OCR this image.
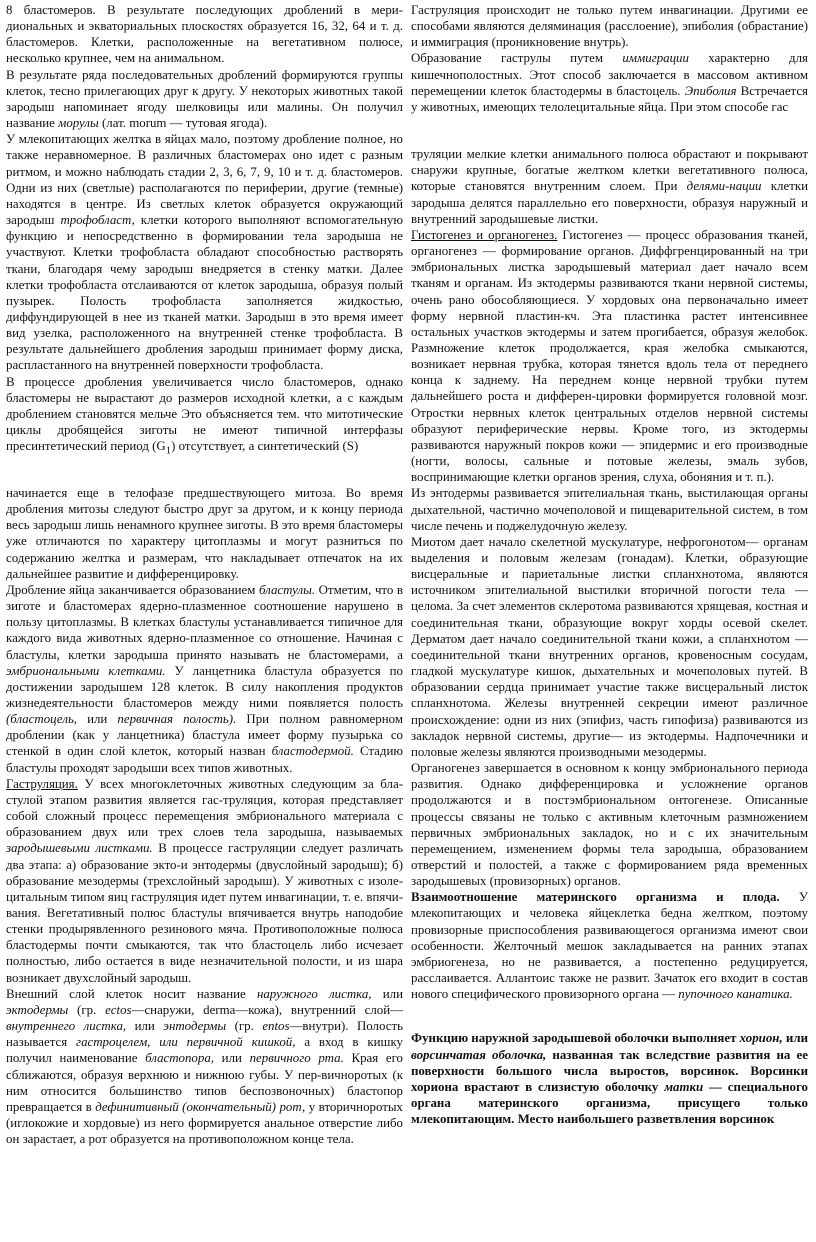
8 бластомеров. В результате последующих дроблений в меридиональных и экваториальных плоскостях образуется 16, 32, 64 и т. д. бластомеров. Клетки, расположенные на вегетативном полюсе, несколько крупнее, чем на анимальном.

В результате ряда последовательных дроблений формируются группы клеток, тесно прилегающих друг к другу. У некоторых животных такой зародыш напоминает ягоду шелковицы или малины. Он получил название морулы (лат. morum — тутовая ягода).

У млекопитающих желтка в яйцах мало, поэтому дробление полное, но также неравномерное. В различных бластомерах оно идет с разным ритмом, и можно наблюдать стадии 2, 3, 6, 7, 9, 10 и т. д. бластомеров. Одни из них (светлые) располагаются по периферии, другие (темные) находятся в центре. Из светлых клеток образуется окружающий зародыш трофобласт, клетки которого выполняют вспомогательную функцию и непосредственно в формировании тела зародыша не участвуют. Клетки трофобласта обладают способностью растворять ткани, благодаря чему зародыш внедряется в стенку матки. Далее клетки трофобласта отслаиваются от клеток зародыша, образуя полый пузырек. Полость трофобласта заполняется жидкостью, диффундирующей в нее из тканей матки. Зародыш в это время имеет вид узелка, расположенного на внутренней стенке трофобласта. В результате дальнейшего дробления зародыш принимает форму диска, распластанного на внутренней поверхности трофобласта.

В процессе дробления увеличивается число бластомеров, однако бластомеры не вырастают до размеров исходной клетки, а с каждым дроблением становятся мельче Это объясняется тем. что митотические циклы дробящейся зиготы не имеют типичной интерфазы пресинтетический период $(G_1)$ отсутствует, а синтетический (S)

начинается еще в телофазе предшествующего митоза. Во время дробления митозы следуют быстро друг за другом, и к концу периода весь зародыш лишь ненамного крупнее зиготы. В это время бластомеры уже отличаются по характеру цитоплазмы и могут разниться по содержанию желтка и размерам, что накладывает отпечаток на их дальнейшее развитие и дифференцировку.

Дробление яйца заканчивается образованием бластулы. Отметим, что в зиготе и бластомерах ядерно-плазменное соотношение нарушено в пользу цитоплазмы. В клетках бластулы устанавливается типичное для каждого вида животных ядерно-плазменное со отношение. Начиная с бластулы, клетки зародыша принято называть не бластомерами, а эмбриональными клетками. У ланцетника бластула образуется по достижении зародышем 128 клеток. В силу накопления продуктов жизнедеятельности бластомеров между ними появляется полость (бластоцель, или первичная полость). При полном равномерном дроблении (как у ланцетника) бластула имеет форму пузырька со стенкой в один слой клеток, который назван бластодермой. Стадию бластулы проходят зародыши всех типов животных.

Гаструляция. У всех многоклеточных животных следующим за бластулой этапом развития является гас-труляция, которая представляет собой сложный процесс перемещения эмбрионального материала с образованием двух или трех слоев тела зародыша, называемых зародышевыми листками. В процессе гаструляции следует различать два этапа: а) образование экто-и энтодермы (двуслойный зародыш); б) образование мезодермы (трехслойный зародыш). У животных с изоле-цитальным типом яиц гаструляция идет путем инвагинации, т. е. впячи-вания. Вегетативный полюс бластулы впячивается внутрь наподобие стенки продырявленного резинового мяча. Противоположные полюса бластодермы почти смыкаются, так что бластоцель либо исчезает полностью, либо остается в виде незначительной полости, и из шара возникает двухслойный зародыш.

Внешний слой клеток носит название наружного листка, или эктодермы (гр. ectos—снаружи, derma—кожа), внутренний слой— внутреннего листка, или энтодермы (гр. entos—внутри). Полость называется гастроцелем, или первичной кишкой, а вход в кишку получил наименование бластопора, или первичного рта. Края его сближаются, образуя верхнюю и нижнюю губы. У пер-вичноротых (к ним относится большинство типов беспозвоночных) бластопор превращается в дефинитивный (окончательный) рот, у вторичноротых (иглокожие и хордовые) из него формируется анальное отверстие либо он зарастает, а рот образуется на противоположном конце тела.

Гаструляция происходит не только путем инвагинации. Другими ее способами являются деляминация (расслоение), эпиболия (обрастание) и иммиграция (проникновение внутрь).

Образование гаструлы путем иммиграции характерно для кишечнополостных. Этот способ заключается в массовом активном перемещении клеток бластодермы в бластоцель. Эпиболия Встречается у животных, имеющих телолецитальные яйца. При этом способе гас

труляции мелкие клетки анимального полюса обрастают и покрывают снаружи крупные, богатые желтком клетки вегетативного полюса, которые становятся внутренним слоем. При делями-нации клетки зародыша делятся параллельно его поверхности, образуя наружный и внутренний зародышевые листки.

Гистогенез и органогенез. Гистогенез — процесс образования тканей, органогенез — формирование органов. Диффгренцированный на три эмбриональных листка зародышевый материал дает начало всем тканям и органам. Из эктодермы развиваются ткани нервной системы, очень рано обособляющиеся. У хордовых она первоначально имеет форму нервной пластин-кч. Эта пластинка растет интенсивнее остальных участков эктодермы и затем прогибается, образуя желобок. Размножение клеток продолжается, края желобка смыкаются, возникает нервная трубка, которая тянется вдоль тела от переднего конца к заднему. На переднем конце нервной трубки путем дальнейшего роста и дифферен-цировки формируется головной мозг. Отростки нервных клеток центральных отделов нервной системы образуют периферические нервы. Кроме того, из эктодермы развиваются наружный покров кожи — эпидермис и его производные (ногти, волосы, сальные и потовые железы, эмаль зубов, воспринимающие клетки органов зрения, слуха, обоняния и т. п.).

Из энтодермы развивается эпителиальная ткань, выстилающая органы дыхательной, частично мочеполовой и пищеварительной систем, в том числе печень и поджелудочную железу.

Миотом дает начало скелетной мускулатуре, нефрогонотом— органам выделения и половым железам (гонадам). Клетки, образующие висцеральные и париетальные листки спланхнотома, являются источником эпителиальной выстилки вторичной погости тела — целома. За счет элементов склеротома развиваются хрящевая, костная и соединительная ткани, образующие вокруг хорды осевой скелет. Дерматом дает начало соединительной ткани кожи, а спланхнотом — соединительной ткани внутренних органов, кровеносным сосудам, гладкой мускулатуре кишок, дыхательных и мочеполовых путей. В образовании сердца принимает участие также висцеральный листок спланхнотома. Железы внутренней секреции имеют различное происхождение: одни из них (эпифиз, часть гипофиза) развиваются из закладок нервной системы, другие— из эктодермы. Надпочечники и половые железы являются производными мезодермы.

Органогенез завершается в основном к концу эмбрионального периода развития. Однако дифференцировка и усложнение органов продолжаются и в постэмбриональном онтогенезе. Описанные процессы связаны не только с активным клеточным размножением первичных эмбриональных закладок, но и с их значительным перемещением, изменением формы тела зародыша, образованием отверстий и полостей, а также с формированием ряда временных зародышевых (провизорных) органов.

Взаимоотношение материнского организма и плода. У млекопитающих и человека яйцеклетка бедна желтком, поэтому провизорные приспособления развивающегося организма имеют свои особенности. Желточный мешок закладывается на ранних этапах эмбриогенеза, но не развивается, а постепенно редуцируется, расслаивается. Аллантоис также не развит. Зачаток его входит в состав нового специфического провизорного органа — пупочного канатика.

Функцию наружной зародышевой оболочки выполняет хорион, или ворсинчатая оболочка, названная так вследствие развития на ее поверхности большого числа выростов, ворсинок. Ворсинки хориона врастают в слизистую оболочку матки — специального органа материнского организма, присущего только млекопитающим. Место наибольшего разветвления ворсинок
